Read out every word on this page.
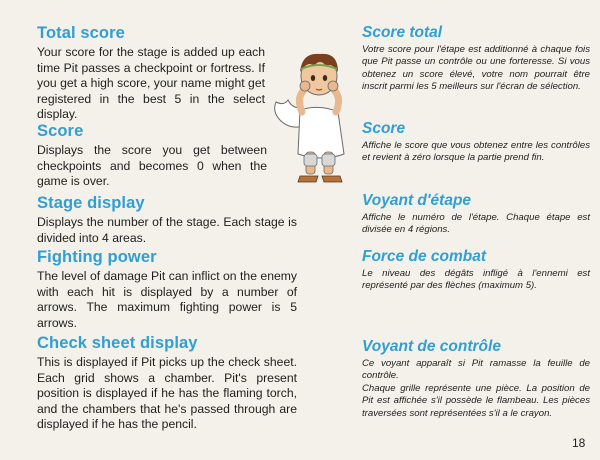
Total score

Your score for the stage is added up each time Pit passes a checkpoint or fortress. If you get a high score, your name might get registered in the best 5 in the select display.

Score

Displays the score you get between checkpoints and becomes 0 when the game is over.

Stage display

Displays the number of the stage. Each stage is divided into 4 areas.

Fighting power

The level of damage Pit can inflict on the enemy with each hit is displayed by a number of arrows. The maximum fighting power is 5 arrows.

Check sheet display

This is displayed if Pit picks up the check sheet. Each grid shows a chamber. Pit's present position is displayed if he has the flaming torch, and the chambers that he's passed through are displayed if he has the pencil.

Score total

Votre score pour l'étape est additionné à chaque fois que Pit passe un contrôle ou une forteresse. Si vous obtenez un score élevé, votre nom pourrait être inscrit parmi les 5 meilleurs sur l'écran de sélection.

Score

Affiche le score que vous obtenez entre les contrôles et revient à zéro lorsque la partie prend fin.

Voyant d'étape

Affiche le numéro de l'étape. Chaque étape est divisée en 4 régions.

Force de combat

Le niveau des dégâts infligé à l'ennemi est représenté par des flèches (maximum 5).

Voyant de contrôle

Ce voyant apparaît si Pit ramasse la feuille de contrôle.

Chaque grille représente une pièce. La position de Pit est affichée s'il possède le flambeau. Les pièces traversées sont représentées s'il a le crayon.

18
